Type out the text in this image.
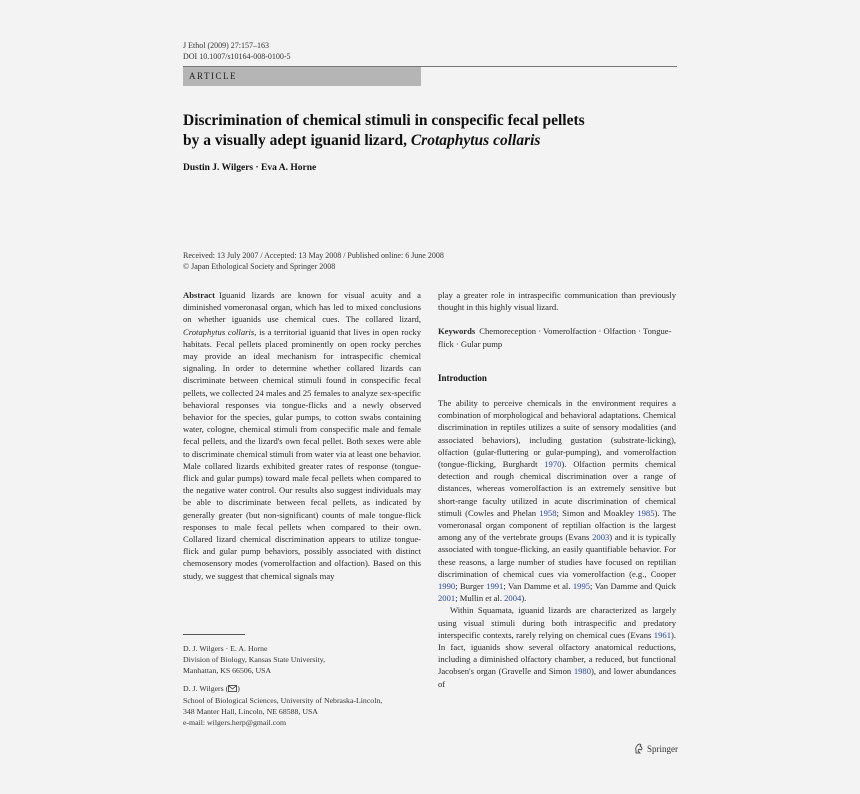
J Ethol (2009) 27:157–163
DOI 10.1007/s10164-008-0100-5
ARTICLE
Discrimination of chemical stimuli in conspecific fecal pellets
by a visually adept iguanid lizard, Crotaphytus collaris
Dustin J. Wilgers · Eva A. Horne
Received: 13 July 2007 / Accepted: 13 May 2008 / Published online: 6 June 2008
© Japan Ethological Society and Springer 2008

Abstract Iguanid lizards are known for visual acuity and a diminished vomeronasal organ, which has led to mixed conclusions on whether iguanids use chemical cues. The collared lizard, Crotaphytus collaris, is a territorial iguanid that lives in open rocky habitats. Fecal pellets placed prominently on open rocky perches may provide an ideal mechanism for intraspecific chemical signaling. In order to determine whether collared lizards can discriminate between chemical stimuli found in conspecific fecal pellets, we collected 24 males and 25 females to analyze sex-specific behavioral responses via tongue-flicks and a newly observed behavior for the species, gular pumps, to cotton swabs containing water, cologne, chemical stimuli from conspecific male and female fecal pellets, and the lizard's own fecal pellet. Both sexes were able to discriminate chemical stimuli from water via at least one behavior. Male collared lizards exhibited greater rates of response (tongue-flick and gular pumps) toward male fecal pellets when compared to the negative water control. Our results also suggest individuals may be able to discriminate between fecal pellets, as indicated by generally greater (but non-significant) counts of male tongue-flick responses to male fecal pellets when compared to their own. Collared lizard chemical discrimination appears to utilize tongue-flick and gular pump behaviors, possibly associated with distinct chemosensory modes (vomerolfaction and olfaction). Based on this study, we suggest that chemical signals may

D. J. Wilgers · E. A. Horne

Division of Biology, Kansas State University,

Manhattan, KS 66506, USA

D. J. Wilgers ( )

School of Biological Sciences, University of Nebraska-Lincoln,

348 Manter Hall, Lincoln, NE 68588, USA

e-mail: wilgers.herp@gmail.com

play a greater role in intraspecific communication than previously thought in this highly visual lizard.

Keywords Chemoreception · Vomerolfaction · Olfaction · Tongue-flick · Gular pump

Introduction

The ability to perceive chemicals in the environment requires a combination of morphological and behavioral adaptations. Chemical discrimination in reptiles utilizes a suite of sensory modalities (and associated behaviors), including gustation (substrate-licking), olfaction (gular-fluttering or gular-pumping), and vomerolfaction (tongue-flicking, Burghardt 1970). Olfaction permits chemical detection and rough chemical discrimination over a range of distances, whereas vomerolfaction is an extremely sensitive but short-range faculty utilized in acute discrimination of chemical stimuli (Cowles and Phelan 1958; Simon and Moakley 1985). The vomeronasal organ component of reptilian olfaction is the largest among any of the vertebrate groups (Evans 2003) and it is typically associated with tongue-flicking, an easily quantifiable behavior. For these reasons, a large number of studies have focused on reptilian discrimination of chemical cues via vomerolfaction (e.g., Cooper 1990; Burger 1991; Van Damme et al. 1995; Van Damme and Quick 2001; Mullin et al. 2004).

Within Squamata, iguanid lizards are characterized as largely using visual stimuli during both intraspecific and predatory interspecific contexts, rarely relying on chemical cues (Evans 1961). In fact, iguanids show several olfactory anatomical reductions, including a diminished olfactory chamber, a reduced, but functional Jacobsen's organ (Gravelle and Simon 1980), and lower abundances of

Springer
